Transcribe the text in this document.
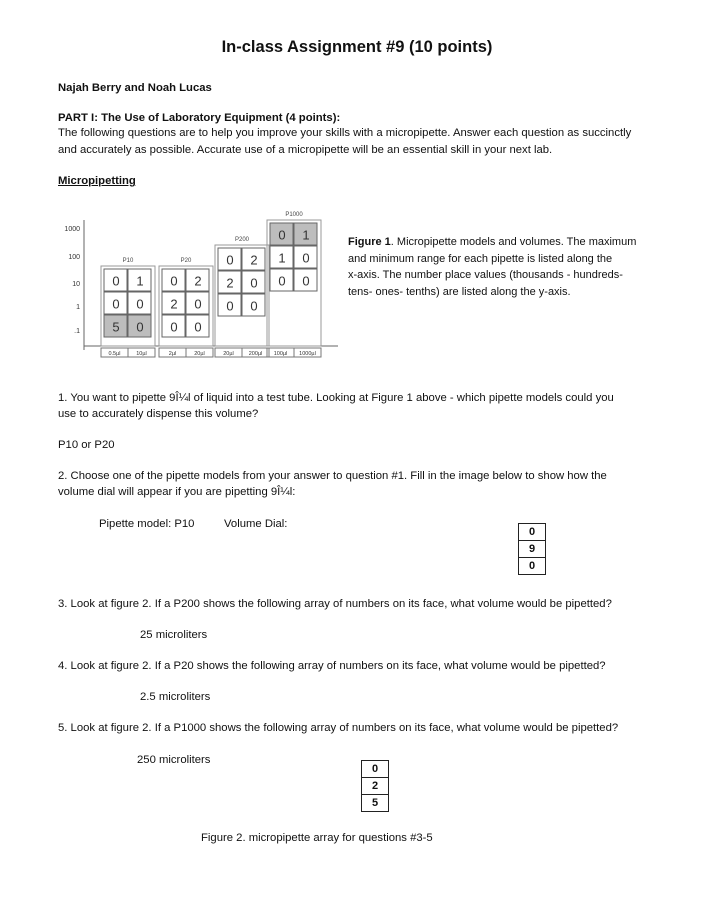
In-class Assignment #9 (10 points)
Najah Berry and Noah Lucas
PART I: The Use of Laboratory Equipment (4 points):
The following questions are to help you improve your skills with a micropipette. Answer each question as succinctly
and accurately as possible. Accurate use of a micropipette will be an essential skill in your next lab.
Micropipetting
1000
100
10
1
.1
P10
0 1
0 0
5 0
0.5µl	10µl
P20
0 2
2 0
0 0
2µl	20µl
P200
0 2
2 0
0 0
20µl	200µl
P1000
0 1
1 0
0 0
100µl 1000µl
Figure 1. Micropipette models and volumes. The maximum
and minimum range for each pipette is listed along the
x-axis. The number place values (thousands - hundreds-
tens- ones- tenths) are listed along the y-axis.
1. You want to pipette 9Î¼l of liquid into a test tube. Looking at Figure 1 above - which pipette models could you
use to accurately dispense this volume?
P10 or P20
2. Choose one of the pipette models from your answer to question #1. Fill in the image below to show how the
volume dial will appear if you are pipetting 9Î¼l:
Pipette model: P10	Volume Dial:
0
9
0
3. Look at figure 2. If a P200 shows the following array of numbers on its face, what volume would be pipetted?
25 microliters
4. Look at figure 2. If a P20 shows the following array of numbers on its face, what volume would be pipetted?
2.5 microliters
5. Look at figure 2. If a P1000 shows the following array of numbers on its face, what volume would be pipetted?
250 microliters
0
2
5
Figure 2. micropipette array for questions #3-5
